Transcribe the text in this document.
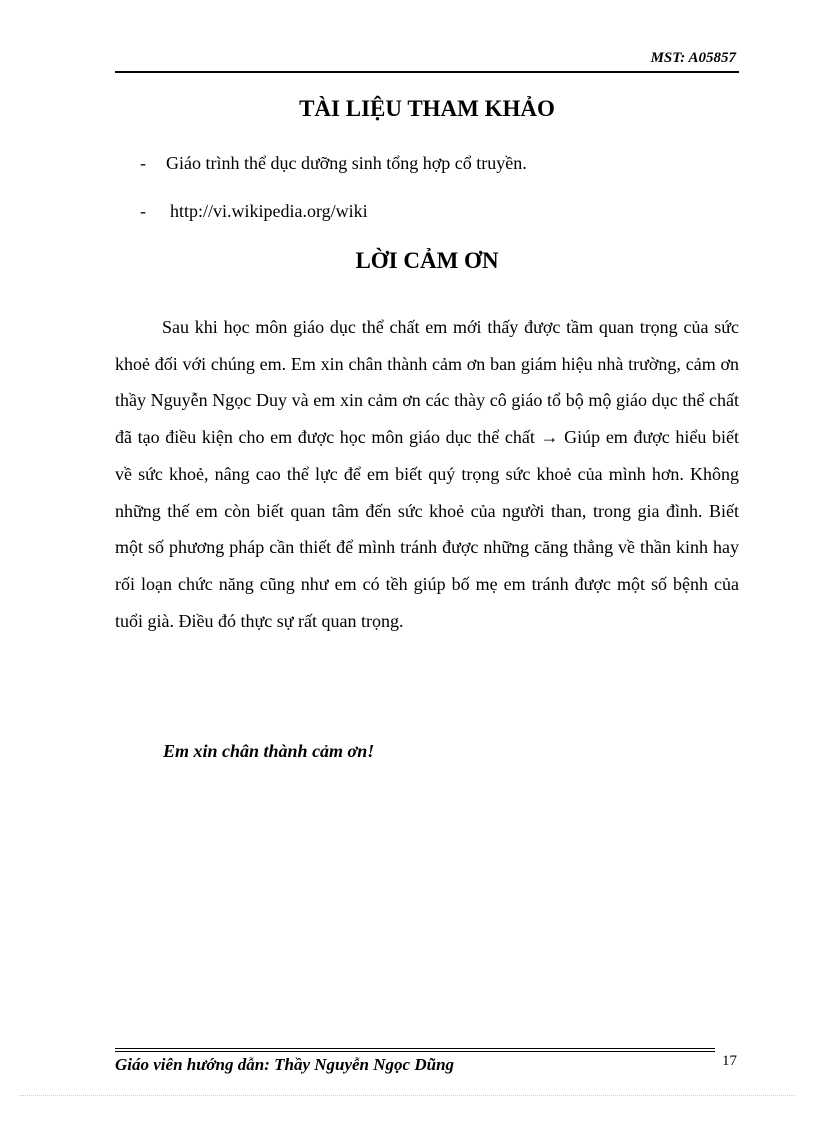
MST: A05857
TÀI LIỆU THAM KHẢO
- Giáo trình thể dục dưỡng sinh tổng hợp cổ truyền.
- http://vi.wikipedia.org/wiki
LỜI CẢM ƠN

Sau khi học môn giáo dục thể chất em mới thấy được tầm quan trọng của sức khoẻ đối với chúng em. Em xin chân thành cảm ơn ban giám hiệu nhà trường, cảm ơn thầy Nguyễn Ngọc Duy và em xin cảm ơn các thày cô giáo tổ bộ mộ giáo dục thể chất đã tạo điều kiện cho em được học môn giáo dục thể chất → Giúp em được hiểu biết về sức khoẻ, nâng cao thể lực để em biết quý trọng sức khoẻ của mình hơn. Không những thế em còn biết quan tâm đến sức khoẻ của người than, trong gia đình. Biết một số phương pháp cần thiết để mình tránh được những căng thẳng về thần kinh hay rối loạn chức năng cũng như em có tềh giúp bố mẹ em tránh được một số bệnh của tuổi già. Điều đó thực sự rất quan trọng.

Em xin chân thành cảm ơn!
Giáo viên hướng dẫn: Thầy Nguyễn Ngọc Dũng	17
